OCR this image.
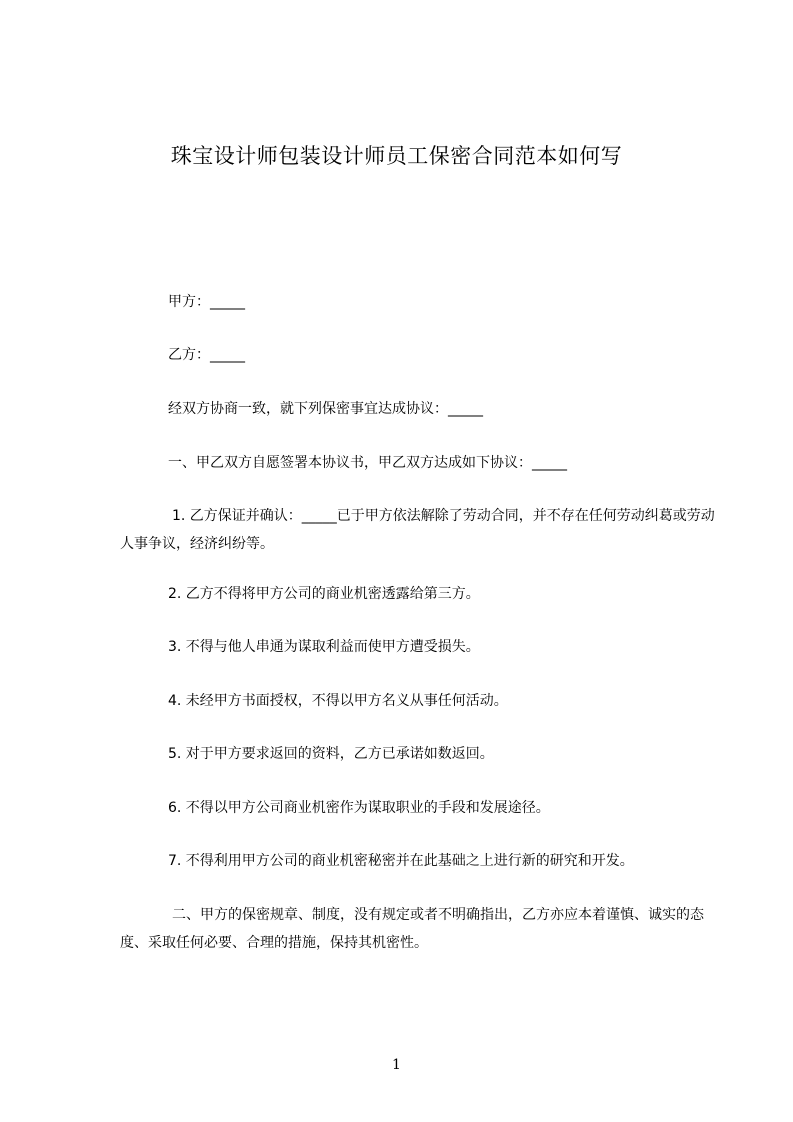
珠宝设计师包装设计师员工保密合同范本如何写
甲方：_____
乙方：_____
经双方协商一致，就下列保密事宜达成协议：_____
一、甲乙双方自愿签署本协议书，甲乙双方达成如下协议：_____
1. 乙方保证并确认：_____已于甲方依法解除了劳动合同，并不存在任何劳动纠葛或劳动人事争议，经济纠纷等。
2. 乙方不得将甲方公司的商业机密透露给第三方。
3. 不得与他人串通为谋取利益而使甲方遭受损失。
4. 未经甲方书面授权，不得以甲方名义从事任何活动。
5. 对于甲方要求返回的资料，乙方已承诺如数返回。
6. 不得以甲方公司商业机密作为谋取职业的手段和发展途径。
7. 不得利用甲方公司的商业机密秘密并在此基础之上进行新的研究和开发。
二、甲方的保密规章、制度，没有规定或者不明确指出，乙方亦应本着谨慎、诚实的态度、采取任何必要、合理的措施，保持其机密性。
1
